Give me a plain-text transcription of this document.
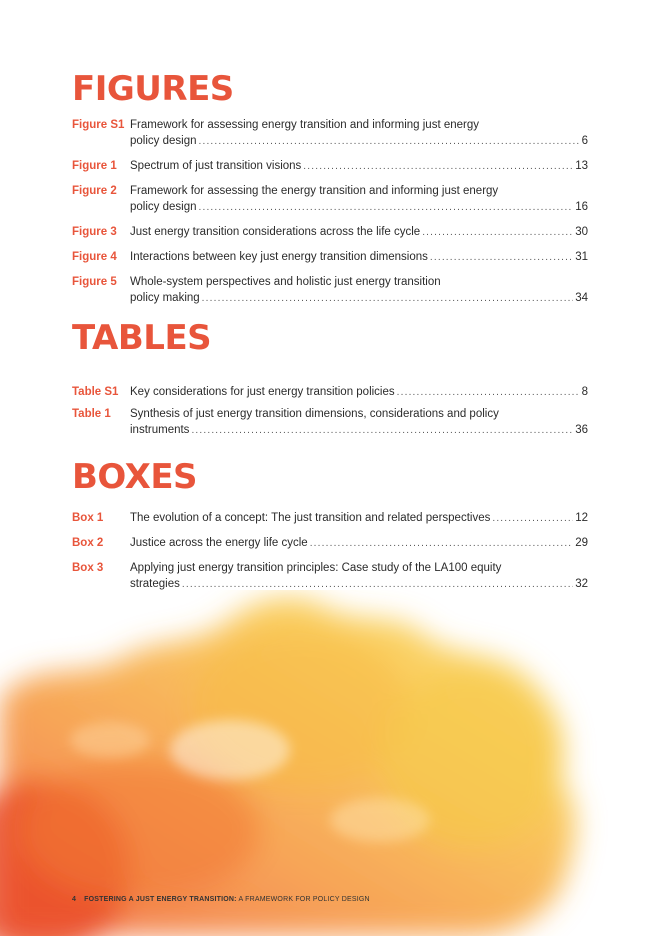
FIGURES
Figure S1 Framework for assessing energy transition and informing just energy
policy design .....	6
Figure 1	Spectrum of just transition visions .....	13
Figure 2	Framework for assessing the energy transition and informing just energy
policy design .....	16
Figure 3	Just energy transition considerations across the life cycle .....	30
Figure 4	Interactions between key just energy transition dimensions .....	31
Figure 5	Whole-system perspectives and holistic just energy transition
policy making .....	34
TABLES
Table S1	Key considerations for just energy transition policies .....	8
Table 1	Synthesis of just energy transition dimensions, considerations and policy
instruments .....	36
BOXES
Box 1	The evolution of a concept: The just transition and related perspectives .....	12
Box 2	Justice across the energy life cycle .....	29
Box 3	Applying just energy transition principles: Case study of the LA100 equity
strategies .....	32
4 | FOSTERING A JUST ENERGY TRANSITION: A FRAMEWORK FOR POLICY DESIGN
